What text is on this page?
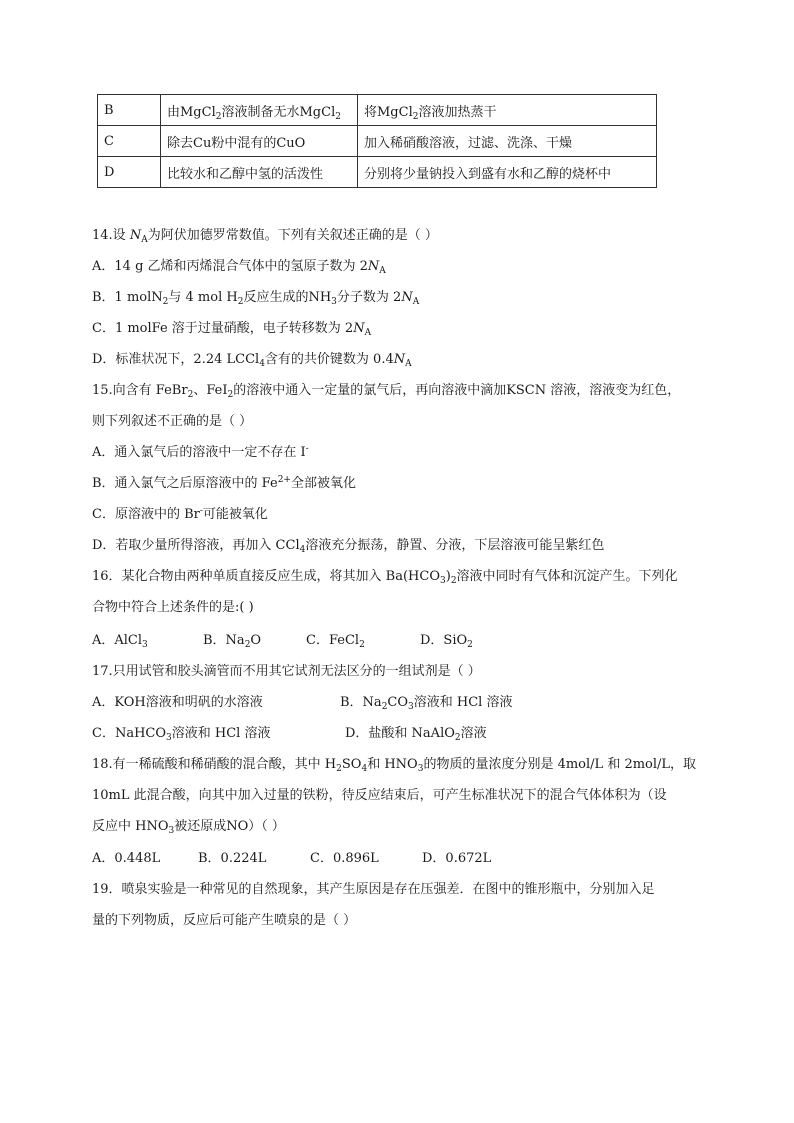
B	由MgCl$_2$溶液制备无水MgCl$_2$	将MgCl$_2$溶液加热蒸干
C	除去Cu粉中混有的CuO	加入稀硝酸溶液，过滤、洗涤、干燥
D	比较水和乙醇中氢的活泼性	分别将少量钠投入到盛有水和乙醇的烧杯中
14.设 $N_A$为阿伏加德罗常数值。下列有关叙述正确的是（ ）
A．14 g 乙烯和丙烯混合气体中的氢原子数为 $2N_A$
B．1 molN$_2$与 4 mol $H_2$反应生成的$NH_3$分子数为 $2N_A$
C．1 molFe 溶于过量硝酸，电子转移数为 $2N_A$
D．标准状况下，2.24 LCCl$_4$含有的共价键数为 $0.4N_A$
15.向含有 FeBr$_2$、FeI$_2$的溶液中通入一定量的氯气后，再向溶液中滴加KSCN 溶液，溶液变为红色，
则下列叙述不正确的是（ ）
A．通入氯气后的溶液中一定不存在 I-
B．通入氯气之后原溶液中的 $Fe^{2+}$全部被氧化
C．原溶液中的 Br-可能被氧化
D．若取少量所得溶液，再加入 CCl$_4$溶液充分振荡，静置、分液，下层溶液可能呈紫红色
16．某化合物由两种单质直接反应生成，将其加入 $Ba(HCO_3)_2$溶液中同时有气体和沉淀产生。下列化
合物中符合上述条件的是:( )
A．AlCl$_3$	B．$Na_2O$	C．FeCl$_2$	D．SiO$_2$
17.只用试管和胶头滴管而不用其它试剂无法区分的一组试剂是（ ）
A．KOH溶液和明矾的水溶液	B．$Na_2CO_3$溶液和 HCl 溶液
C．NaHCO$_3$溶液和 HCl 溶液	D．盐酸和 NaAlO$_2$溶液
18.有一稀硫酸和稀硝酸的混合酸，其中 $H_2SO_4$和 $HNO_3$的物质的量浓度分别是 4mol/L 和 2mol/L，取
10mL 此混合酸，向其中加入过量的铁粉，待反应结束后，可产生标准状况下的混合气体体积为（设
反应中 $HNO_3$被还原成NO）（ ）
A．0.448L	B．0.224L	C．0.896L	D．0.672L
19．喷泉实验是一种常见的自然现象，其产生原因是存在压强差．在图中的锥形瓶中，分别加入足
量的下列物质，反应后可能产生喷泉的是（ ）
